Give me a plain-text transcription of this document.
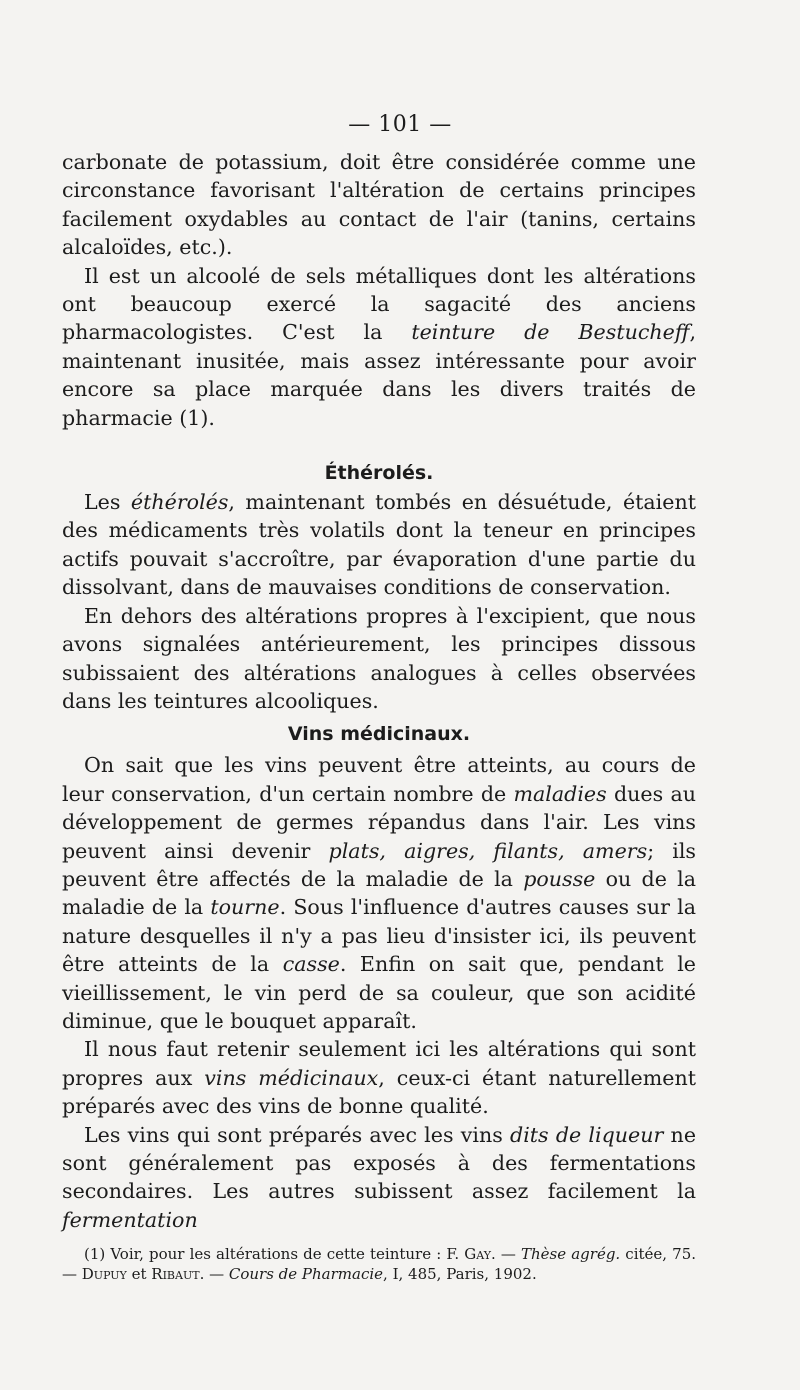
— 101 —

carbonate de potassium, doit être considérée comme une circonstance favorisant l'altération de certains principes facilement oxydables au contact de l'air (tanins, certains alcaloïdes, etc.).

Il est un alcoolé de sels métalliques dont les altérations ont beaucoup exercé la sagacité des anciens pharmacologistes. C'est la teinture de Bestucheff, maintenant inusitée, mais assez intéressante pour avoir encore sa place marquée dans les divers traités de pharmacie (1).

Éthérolés.

Les éthérolés, maintenant tombés en désuétude, étaient des médicaments très volatils dont la teneur en principes actifs pouvait s'accroître, par évaporation d'une partie du dissolvant, dans de mauvaises conditions de conservation.

En dehors des altérations propres à l'excipient, que nous avons signalées antérieurement, les principes dissous subissaient des altérations analogues à celles observées dans les teintures alcooliques.

Vins médicinaux.

On sait que les vins peuvent être atteints, au cours de leur conservation, d'un certain nombre de maladies dues au développement de germes répandus dans l'air. Les vins peuvent ainsi devenir plats, aigres, filants, amers; ils peuvent être affectés de la maladie de la pousse ou de la maladie de la tourne. Sous l'influence d'autres causes sur la nature desquelles il n'y a pas lieu d'insister ici, ils peuvent être atteints de la casse. Enfin on sait que, pendant le vieillissement, le vin perd de sa couleur, que son acidité diminue, que le bouquet apparaît.

Il nous faut retenir seulement ici les altérations qui sont propres aux vins médicinaux, ceux-ci étant naturellement préparés avec des vins de bonne qualité.

Les vins qui sont préparés avec les vins dits de liqueur ne sont généralement pas exposés à des fermentations secondaires. Les autres subissent assez facilement la fermentation

(1) Voir, pour les altérations de cette teinture : F. Gay. — Thèse agrég. citée, 75. — Dupuy et Ribaut. — Cours de Pharmacie, I, 485, Paris, 1902.
